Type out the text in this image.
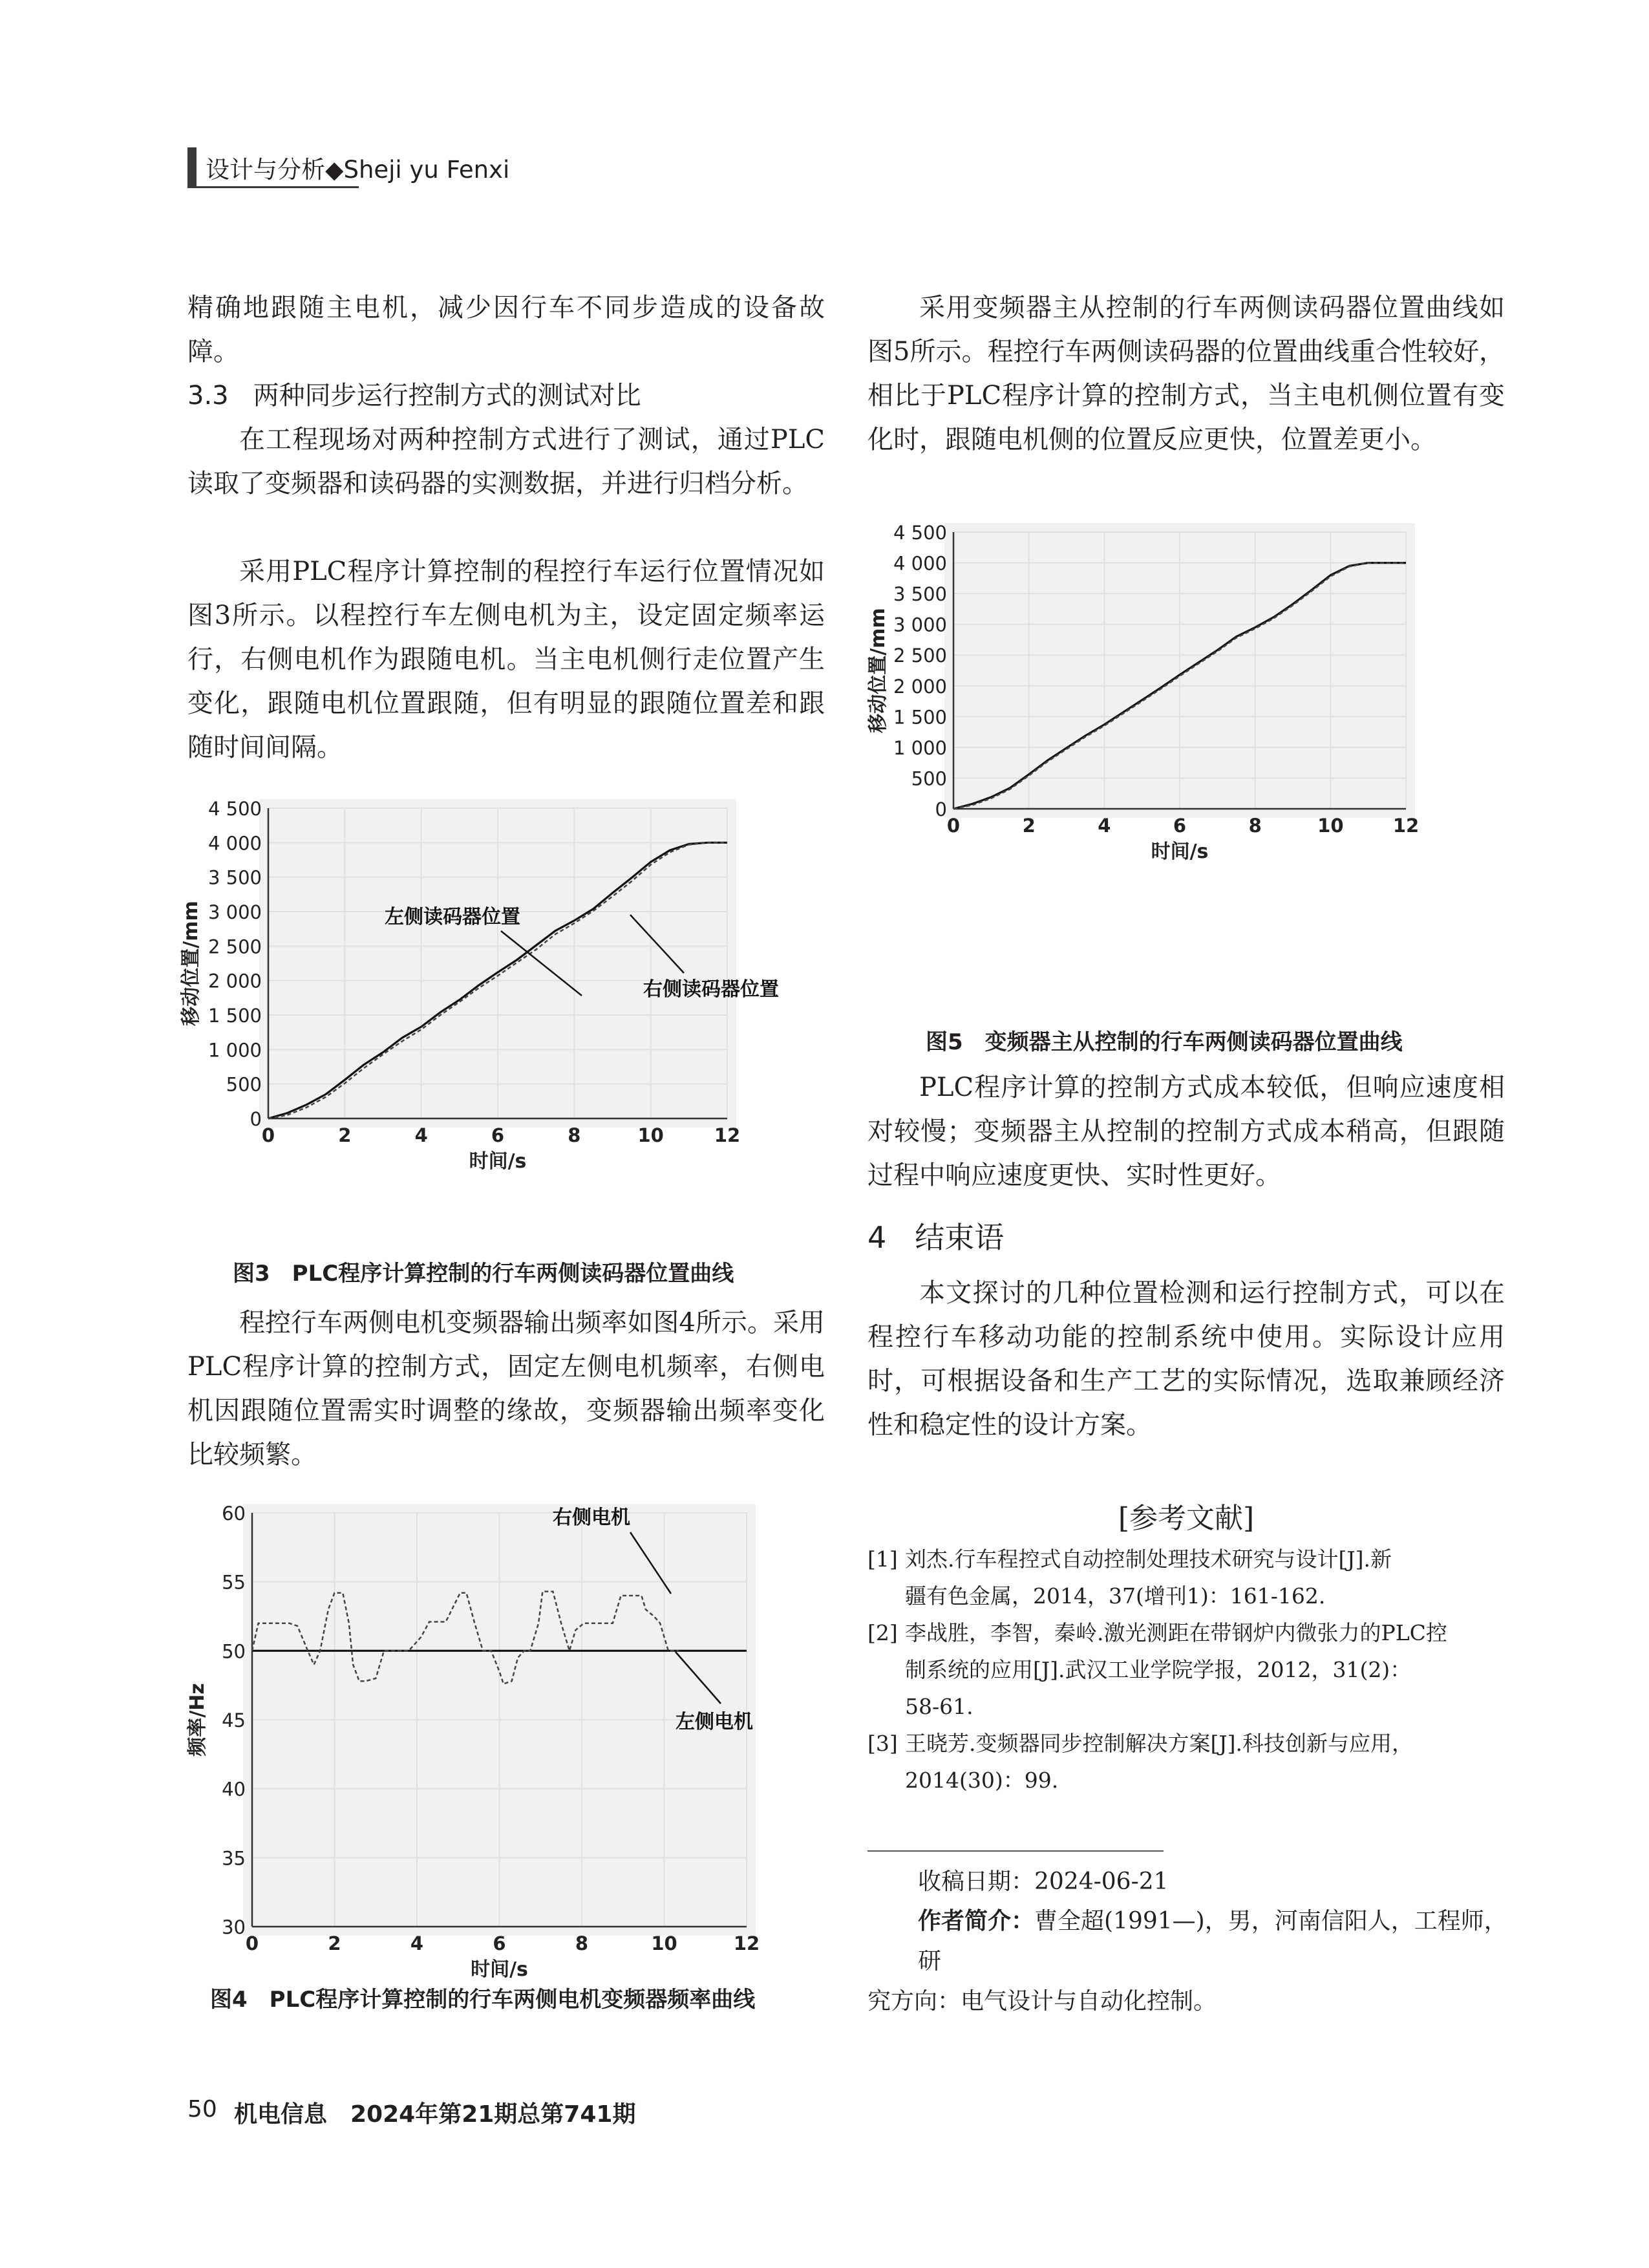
设计与分析◆Sheji yu Fenxi

精确地跟随主电机，减少因行车不同步造成的设备故障。

3.3 两种同步运行控制方式的测试对比

在工程现场对两种控制方式进行了测试，通过PLC读取了变频器和读码器的实测数据，并进行归档分析。

采用PLC程序计算控制的程控行车运行位置情况如图3所示。以程控行车左侧电机为主，设定固定频率运行，右侧电机作为跟随电机。当主电机侧行走位置产生变化，跟随电机位置跟随，但有明显的跟随位置差和跟随时间间隔。

0
500
1 000
1 500
2 000
2 500
3 000
3 500
4 000
4 500
0	2	4	6	8	10	12
时间/s
移动位置/mm	左侧读码器位置
右侧读码器位置
图3　PLC程序计算控制的行车两侧读码器位置曲线

程控行车两侧电机变频器输出频率如图4所示。采用PLC程序计算的控制方式，固定左侧电机频率，右侧电机因跟随位置需实时调整的缘故，变频器输出频率变化比较频繁。

30
35
40
45
50
55
60
0	2	4	6	8	10	12
时间/s
频率/Hz
右侧电机
左侧电机
图4　PLC程序计算控制的行车两侧电机变频器频率曲线

采用变频器主从控制的行车两侧读码器位置曲线如图5所示。程控行车两侧读码器的位置曲线重合性较好，相比于PLC程序计算的控制方式，当主电机侧位置有变化时，跟随电机侧的位置反应更快，位置差更小。

0
500
1 000
1 500
2 000
2 500
3 000
3 500
4 000
4 500
0	2	4	6	8	10	12
时间/s
移动位置/mm
图5　变频器主从控制的行车两侧读码器位置曲线

PLC程序计算的控制方式成本较低，但响应速度相对较慢；变频器主从控制的控制方式成本稍高，但跟随过程中响应速度更快、实时性更好。

4 结束语

本文探讨的几种位置检测和运行控制方式，可以在程控行车移动功能的控制系统中使用。实际设计应用时，可根据设备和生产工艺的实际情况，选取兼顾经济性和稳定性的设计方案。

[参考文献]
[1] 刘杰.行车程控式自动控制处理技术研究与设计[J].新
疆有色金属，2014，37(增刊1)：161-162.
[2] 李战胜，李智，秦岭.激光测距在带钢炉内微张力的PLC控
制系统的应用[J].武汉工业学院学报，2012，31(2)：
58-61.
[3] 王晓芳.变频器同步控制解决方案[J].科技创新与应用，
2014(30)：99.
收稿日期：2024-06-21
作者简介：曹全超(1991—)，男，河南信阳人，工程师，研
究方向：电气设计与自动化控制。
50 机电信息　2024年第21期总第741期
